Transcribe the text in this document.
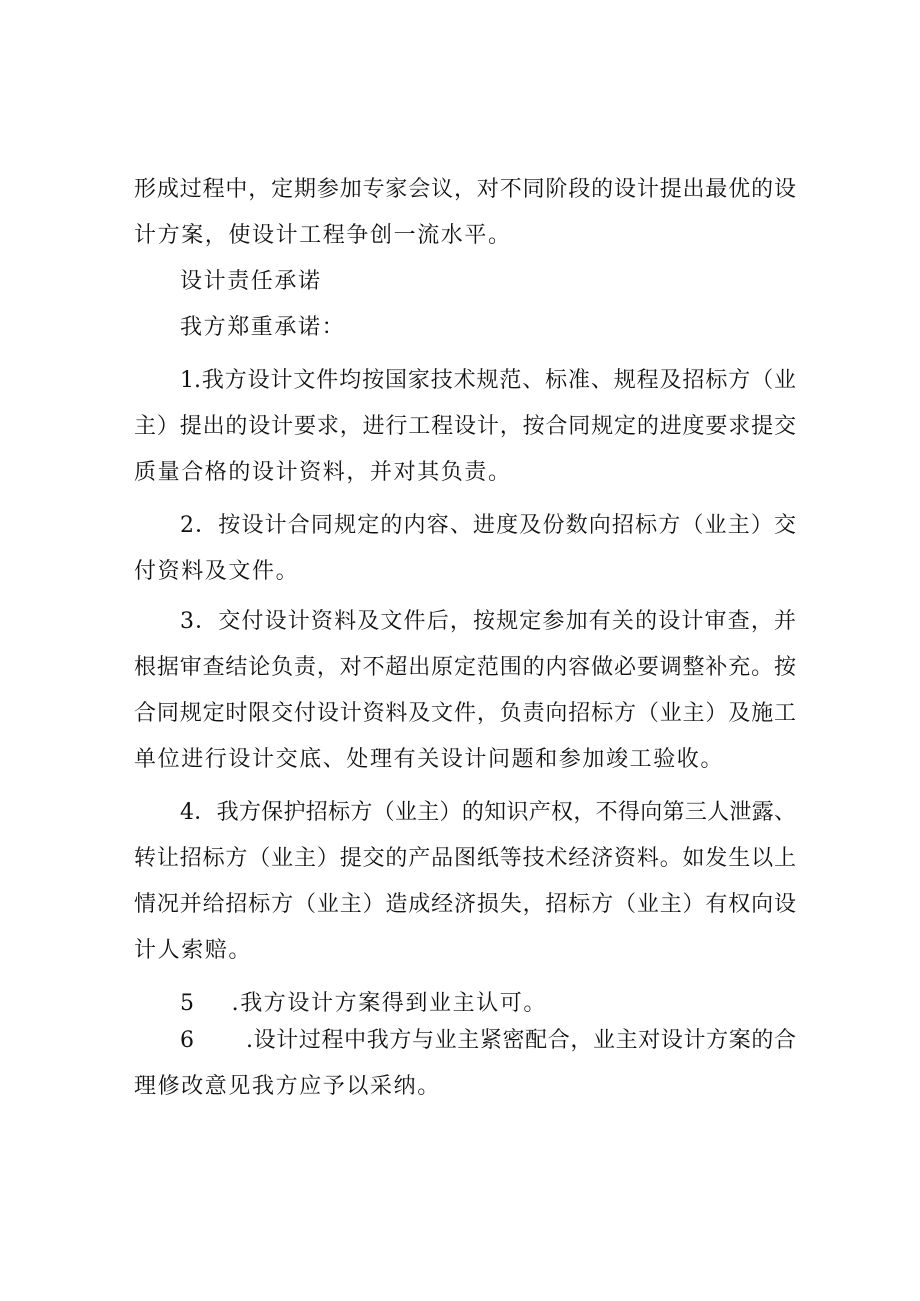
形成过程中，定期参加专家会议，对不同阶段的设计提出最优的设
计方案，使设计工程争创一流水平。
设计责任承诺
我方郑重承诺：
1.我方设计文件均按国家技术规范、标准、规程及招标方（业
主）提出的设计要求，进行工程设计，按合同规定的进度要求提交
质量合格的设计资料，并对其负责。
2．按设计合同规定的内容、进度及份数向招标方（业主）交
付资料及文件。
3．交付设计资料及文件后，按规定参加有关的设计审查，并
根据审查结论负责，对不超出原定范围的内容做必要调整补充。按
合同规定时限交付设计资料及文件，负责向招标方（业主）及施工
单位进行设计交底、处理有关设计问题和参加竣工验收。
4．我方保护招标方（业主）的知识产权，不得向第三人泄露、
转让招标方（业主）提交的产品图纸等技术经济资料。如发生以上
情况并给招标方（业主）造成经济损失，招标方（业主）有权向设
计人索赔。
5 .我方设计方案得到业主认可。
6 .设计过程中我方与业主紧密配合，业主对设计方案的合
理修改意见我方应予以采纳。
